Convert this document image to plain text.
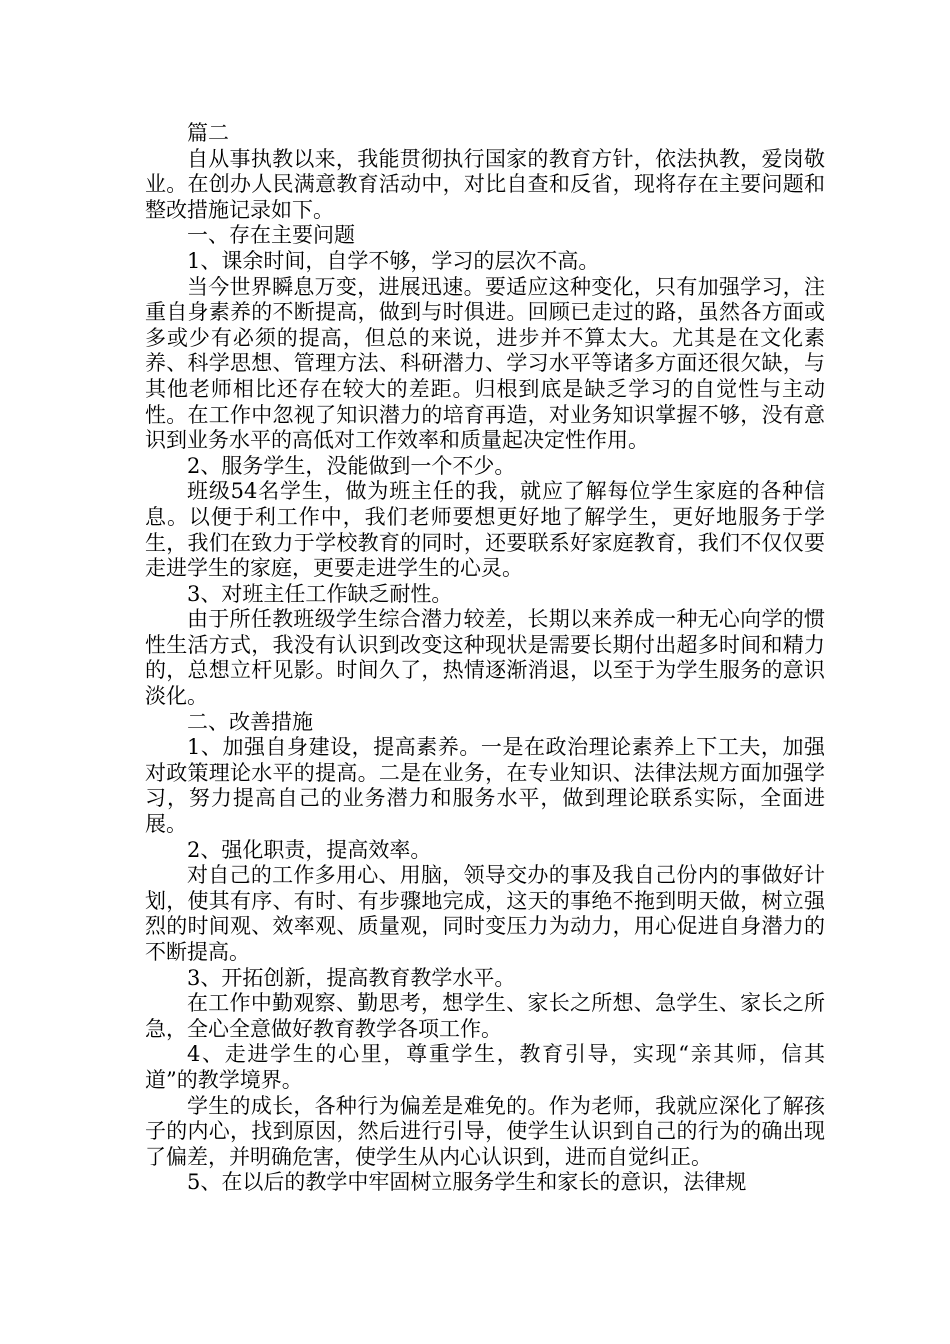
篇二

自从事执教以来，我能贯彻执行国家的教育方针，依法执教，爱岗敬业。在创办人民满意教育活动中，对比自查和反省，现将存在主要问题和整改措施记录如下。

一、存在主要问题

1、课余时间，自学不够，学习的层次不高。

当今世界瞬息万变，进展迅速。要适应这种变化，只有加强学习，注重自身素养的不断提高，做到与时俱进。回顾已走过的路，虽然各方面或多或少有必须的提高，但总的来说，进步并不算太大。尤其是在文化素养、科学思想、管理方法、科研潜力、学习水平等诸多方面还很欠缺，与其他老师相比还存在较大的差距。归根到底是缺乏学习的自觉性与主动性。在工作中忽视了知识潜力的培育再造，对业务知识掌握不够，没有意识到业务水平的高低对工作效率和质量起决定性作用。

2、服务学生，没能做到一个不少。

班级54名学生，做为班主任的我，就应了解每位学生家庭的各种信息。以便于利工作中，我们老师要想更好地了解学生，更好地服务于学生，我们在致力于学校教育的同时，还要联系好家庭教育，我们不仅仅要走进学生的家庭，更要走进学生的心灵。

3、对班主任工作缺乏耐性。

由于所任教班级学生综合潜力较差，长期以来养成一种无心向学的惯性生活方式，我没有认识到改变这种现状是需要长期付出超多时间和精力的，总想立杆见影。时间久了，热情逐渐消退，以至于为学生服务的意识淡化。

二、改善措施

1、加强自身建设，提高素养。一是在政治理论素养上下工夫，加强对政策理论水平的提高。二是在业务，在专业知识、法律法规方面加强学习，努力提高自己的业务潜力和服务水平，做到理论联系实际，全面进展。

2、强化职责，提高效率。

对自己的工作多用心、用脑，领导交办的事及我自己份内的事做好计划，使其有序、有时、有步骤地完成，这天的事绝不拖到明天做，树立强烈的时间观、效率观、质量观，同时变压力为动力，用心促进自身潜力的不断提高。

3、开拓创新，提高教育教学水平。

在工作中勤观察、勤思考，想学生、家长之所想、急学生、家长之所急，全心全意做好教育教学各项工作。

4、走进学生的心里，尊重学生，教育引导，实现“亲其师，信其道”的教学境界。

学生的成长，各种行为偏差是难免的。作为老师，我就应深化了解孩子的内心，找到原因，然后进行引导，使学生认识到自己的行为的确出现了偏差，并明确危害，使学生从内心认识到，进而自觉纠正。

5、在以后的教学中牢固树立服务学生和家长的意识，法律规
